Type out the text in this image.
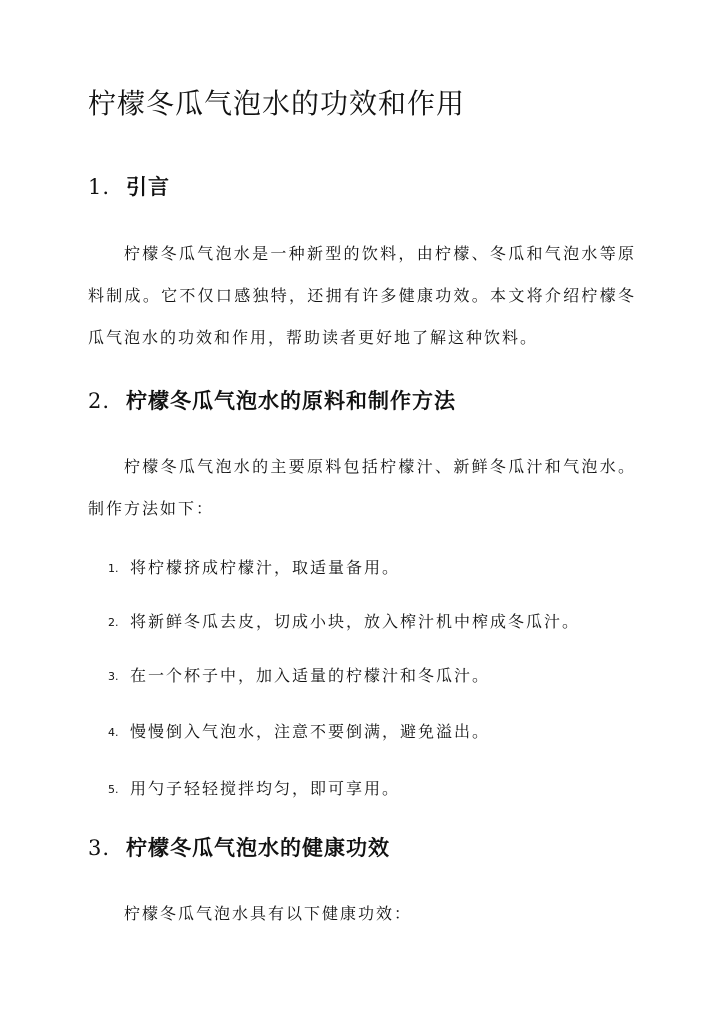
柠檬冬瓜气泡水的功效和作用
1. 引言

柠檬冬瓜气泡水是一种新型的饮料，由柠檬、冬瓜和气泡水等原料制成。它不仅口感独特，还拥有许多健康功效。本文将介绍柠檬冬瓜气泡水的功效和作用，帮助读者更好地了解这种饮料。

2. 柠檬冬瓜气泡水的原料和制作方法

柠檬冬瓜气泡水的主要原料包括柠檬汁、新鲜冬瓜汁和气泡水。制作方法如下：

1. 将柠檬挤成柠檬汁，取适量备用。
2. 将新鲜冬瓜去皮，切成小块，放入榨汁机中榨成冬瓜汁。
3. 在一个杯子中，加入适量的柠檬汁和冬瓜汁。
4. 慢慢倒入气泡水，注意不要倒满，避免溢出。
5. 用勺子轻轻搅拌均匀，即可享用。
3. 柠檬冬瓜气泡水的健康功效

柠檬冬瓜气泡水具有以下健康功效：
